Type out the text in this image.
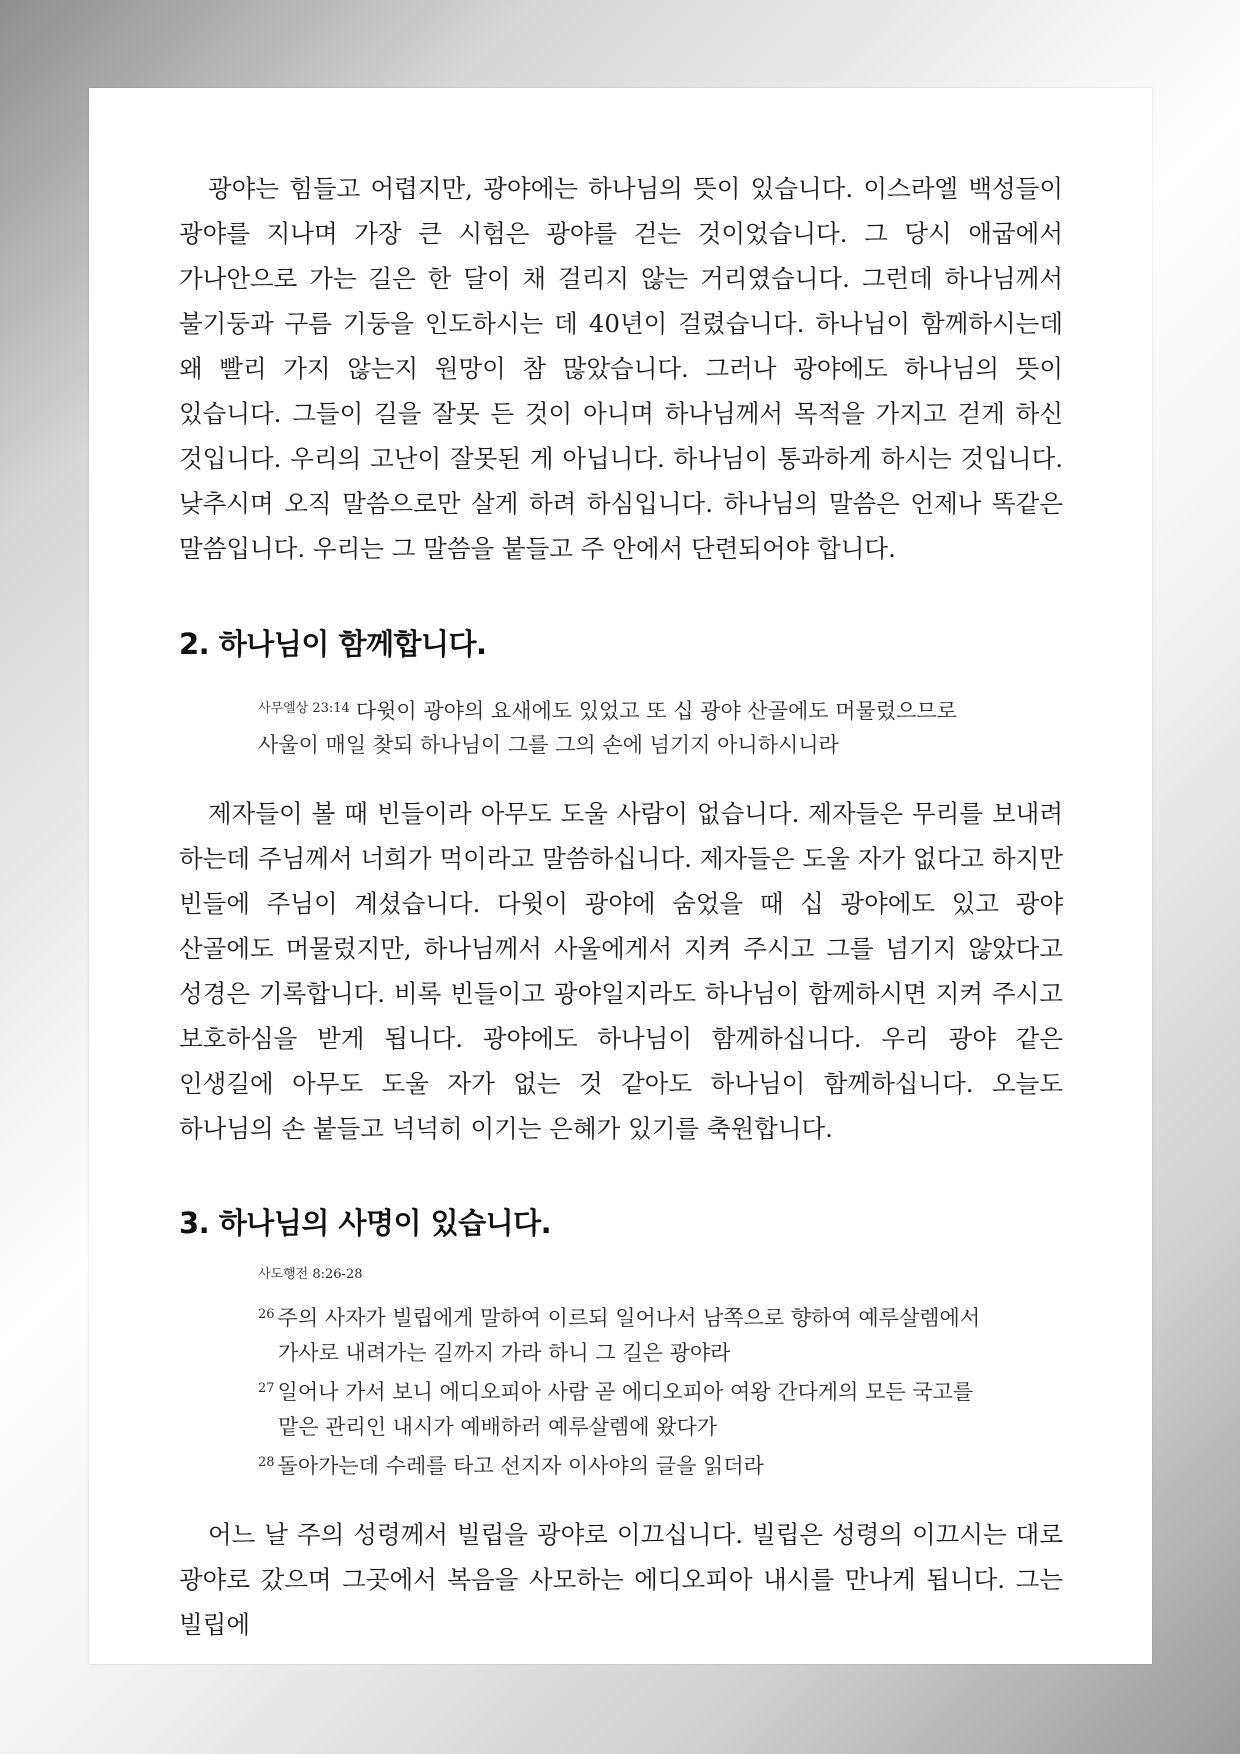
광야는 힘들고 어렵지만, 광야에는 하나님의 뜻이 있습니다. 이스라엘 백성들이 광야를 지나며 가장 큰 시험은 광야를 걷는 것이었습니다. 그 당시 애굽에서 가나안으로 가는 길은 한 달이 채 걸리지 않는 거리였습니다. 그런데 하나님께서 불기둥과 구름 기둥을 인도하시는 데 40년이 걸렸습니다. 하나님이 함께하시는데 왜 빨리 가지 않는지 원망이 참 많았습니다. 그러나 광야에도 하나님의 뜻이 있습니다. 그들이 길을 잘못 든 것이 아니며 하나님께서 목적을 가지고 걷게 하신 것입니다. 우리의 고난이 잘못된 게 아닙니다. 하나님이 통과하게 하시는 것입니다. 낮추시며 오직 말씀으로만 살게 하려 하심입니다. 하나님의 말씀은 언제나 똑같은 말씀입니다. 우리는 그 말씀을 붙들고 주 안에서 단련되어야 합니다.

2. 하나님이 함께합니다.

$^{사무엘상 23:14}$ 다윗이 광야의 요새에도 있었고 또 십 광야 산골에도 머물렀으므로 사울이 매일 찾되 하나님이 그를 그의 손에 넘기지 아니하시니라

제자들이 볼 때 빈들이라 아무도 도울 사람이 없습니다. 제자들은 무리를 보내려 하는데 주님께서 너희가 먹이라고 말씀하십니다. 제자들은 도울 자가 없다고 하지만 빈들에 주님이 계셨습니다. 다윗이 광야에 숨었을 때 십 광야에도 있고 광야 산골에도 머물렀지만, 하나님께서 사울에게서 지켜 주시고 그를 넘기지 않았다고 성경은 기록합니다. 비록 빈들이고 광야일지라도 하나님이 함께하시면 지켜 주시고 보호하심을 받게 됩니다. 광야에도 하나님이 함께하십니다. 우리 광야 같은 인생길에 아무도 도울 자가 없는 것 같아도 하나님이 함께하십니다. 오늘도 하나님의 손 붙들고 넉넉히 이기는 은혜가 있기를 축원합니다.

3. 하나님의 사명이 있습니다.
사도행전 8:26-28

$^{26}$ 주의 사자가 빌립에게 말하여 이르되 일어나서 남쪽으로 향하여 예루살렘에서 가사로 내려가는 길까지 가라 하니 그 길은 광야라

$^{27}$ 일어나 가서 보니 에디오피아 사람 곧 에디오피아 여왕 간다게의 모든 국고를 맡은 관리인 내시가 예배하러 예루살렘에 왔다가

$^{28}$ 돌아가는데 수레를 타고 선지자 이사야의 글을 읽더라

어느 날 주의 성령께서 빌립을 광야로 이끄십니다. 빌립은 성령의 이끄시는 대로 광야로 갔으며 그곳에서 복음을 사모하는 에디오피아 내시를 만나게 됩니다. 그는 빌립에
